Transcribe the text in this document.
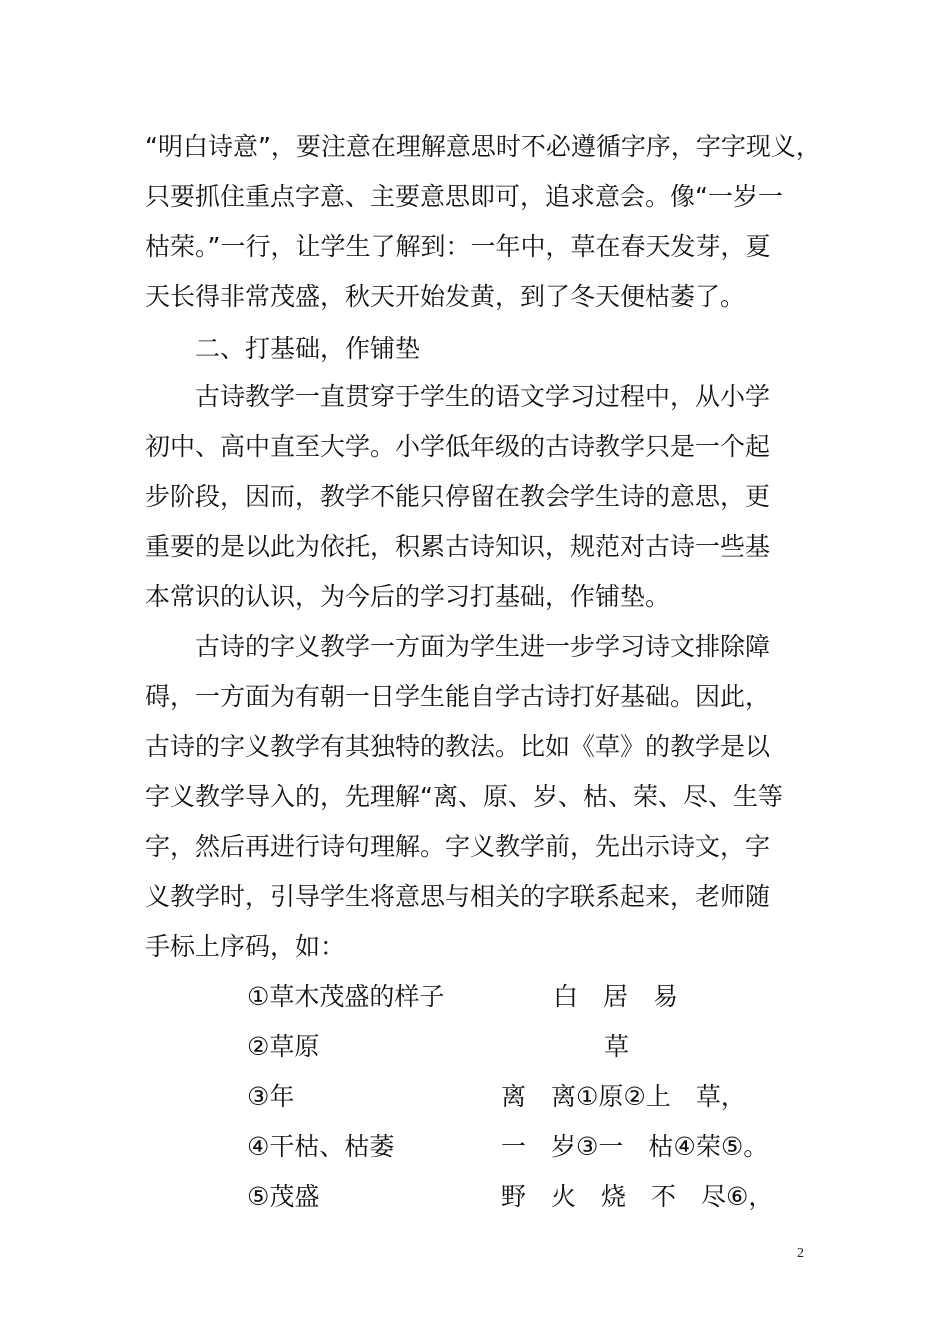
“明白诗意”，要注意在理解意思时不必遵循字序，字字现义，
只要抓住重点字意、主要意思即可，追求意会。像“一岁一
枯荣。”一行，让学生了解到：一年中，草在春天发芽，夏
天长得非常茂盛，秋天开始发黄，到了冬天便枯萎了。
二、打基础，作铺垫
古诗教学一直贯穿于学生的语文学习过程中，从小学
初中、高中直至大学。小学低年级的古诗教学只是一个起
步阶段，因而，教学不能只停留在教会学生诗的意思，更
重要的是以此为依托，积累古诗知识，规范对古诗一些基
本常识的认识，为今后的学习打基础，作铺垫。
古诗的字义教学一方面为学生进一步学习诗文排除障
碍，一方面为有朝一日学生能自学古诗打好基础。因此，
古诗的字义教学有其独特的教法。比如《草》的教学是以
字义教学导入的，先理解“离、原、岁、枯、荣、尽、生等
字，然后再进行诗句理解。字义教学前，先出示诗文，字
义教学时，引导学生将意思与相关的字联系起来，老师随
手标上序码，如：
①草木茂盛的样子
②草原
③年
④干枯、枯萎
⑤茂盛
白　居　易
草
离　离①原②上　草，
一　岁③一　枯④荣⑤。
野　火　烧　不　尽⑥，
2
